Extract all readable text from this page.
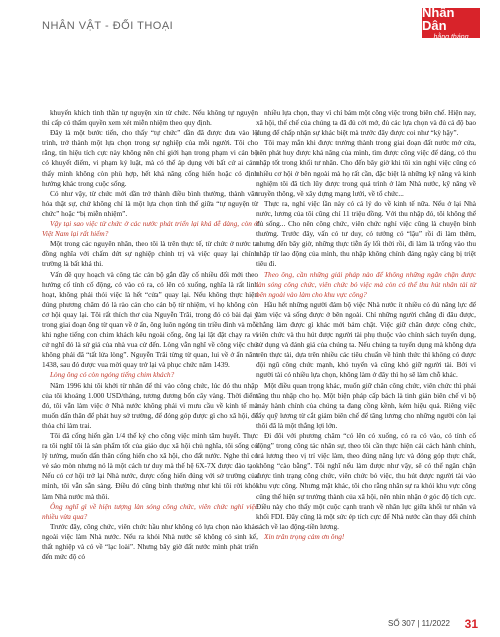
NHÂN VẬT - ĐỐI THOẠI
Nhân Dân
hằng tháng

khuyến khích tinh thần tự nguyện xin từ chức. Nếu không tự nguyện thì cấp có thẩm quyền xem xét miễn nhiệm theo quy định.

Đây là một bước tiến, cho thấy “tự chức” dần đã được đưa vào lộ trình, trở thành một lựa chọn trong sự nghiệp của mỗi người. Tôi cho rằng, tín hiệu tích cực này không nên chỉ giới hạn trong phạm vi cán bộ có khuyết điểm, vi phạm kỷ luật, mà có thể áp dụng với bất cứ ai cảm thấy mình không còn phù hợp, hết khả năng cống hiến hoặc có định hướng khác trong cuộc sống.

Có như vậy, từ chức mới dần trở thành điều bình thường, thành văn hóa thật sự, chứ không chỉ là một lựa chọn tình thế giữa “tự nguyện từ chức” hoặc “bị miễn nhiệm”.

Vậy tại sao việc từ chức ở các nước phát triển lại khá dễ dàng, còn ở Việt Nam lại rất hiếm?

Một trong các nguyên nhân, theo tôi là trên thực tế, từ chức ở nước ta đồng nghĩa với chấm dứt sự nghiệp chính trị và việc quay lại chính trường là bất khả thi.

Vấn đề quy hoạch và công tác cán bộ gắn đầy cố nhiều đối mới theo hướng cố tính cố động, có vào có ra, có lên có xuống, nghĩa là rất linh hoạt, không phải thói việc là hết “cửa” quay lại. Nếu không thực hiện đúng phương châm đó là rào cản cho cán bộ từ nhiệm, vì họ không còn cơ hội quay lại. Tôi rất thích thơ của Nguyễn Trãi, trong đó có bài đại ý trong giai đoạn ông từ quan về ở ẩn, ông luôn ngóng tin triều đình và mỗi khi nghe tiếng con chim khách kêu ngoài cổng, ông lại lật đật chạy ra vì cứ nghĩ đó là sứ giả của nhà vua cử đến. Lòng vẫn nghĩ về công việc chứ không phải đã “tất lửa lòng”. Nguyễn Trãi từng từ quan, lui về ở ẩn năm 1438, sau đó được vua mời quay trở lại và phục chức năm 1439.

Lòng ông có còn ngóng tiếng chim khách?

Năm 1996 khi tôi khởi từ nhân để thì vào công chức, lúc đó thu nhập của tôi khoảng 1.000 USD/tháng, tương đương bốn cây vàng. Thời điểm đó, tôi vẫn làm việc ở Nhà nước không phải vì mưu cầu về kinh tế mà muốn dấn thân để phát huy sở trường, để đóng góp được gì cho xã hội, để thỏa chí làm trai.

Tôi đã cống hiến gần 1/4 thế kỷ cho công việc mình tâm huyết. Thực ra tôi nghĩ tôi là sản phẩm tốt của giáo dục xã hội chủ nghĩa, tôi sống có lý tưởng, muốn dấn thân cống hiến cho xã hội, cho đất nước. Nghe thì có vẻ sáo mòn nhưng nó là một cách tư duy mà thế hệ 6X-7X được đào tạo. Nếu có cơ hội trở lại Nhà nước, được cống hiến đúng với sở trường của mình, tôi vẫn sẵn sàng. Điều đó cũng bình thường như khi tôi rời khỏi làm Nhà nước mà thôi.

Ông nghĩ gì về hiện tượng làn sóng công chức, viên chức nghỉ việc nhiều vừa qua?

Trước đây, công chức, viên chức hầu như không có lựa chọn nào khác ngoài việc làm Nhà nước. Nếu ra khỏi Nhà nước sẽ không có sinh kế, thất nghiệp và có về “lạc loài”. Nhưng bây giờ đất nước mình phát triển đến mức độ có

nhiều lựa chọn, thay vì chỉ bám một công việc trong biên chế. Hiện nay, xã hội, thế chế của chúng ta đã đủ cởi mở, đủ các lựa chọn và đủ cả độ bao dung để chấp nhận sự khác biệt mà trước đây được coi như “kỳ hậy”.

Tôi may mắn khi được trưởng thành trong giai đoạn đất nước mở cửa, nên phát huy được khả năng của mình, tìm được công việc để dáng, có thu nhập tốt trong khối tư nhân. Cho đến bây giờ khi tôi xin nghỉ việc cũng có nhiều cơ hội ở bên ngoài mà họ rất cần, đặc biệt là những kỹ năng và kinh nghiệm tôi đã tích lũy được trong quá trình ở làm Nhà nước, kỹ năng về truyền thông, về xây dựng mạng lưới, về tổ chức...

Thực ra, nghỉ việc lần này có cả lý do về kinh tế nữa. Nếu ở lại Nhà nước, lương của tôi cũng chỉ 11 triệu đồng. Với thu nhập đó, tôi không thể đủ sống... Cho nên công chức, viên chức nghỉ việc cũng là chuyện bình thường. Trước đây, vấn có tư duy, có tưởng có “lậu” rồi đi làm thêm, nhưng đến bây giờ, những thực tiễn ấy lối thời rồi, đi làm là trống vào thu nhập từ lao động của mình, thu nhập không chính đáng ngày càng bị triệt tiêu đi.

Theo ông, cần những giải pháp nào để không những ngăn chặn được làn sóng công chức, viên chức bỏ việc mà còn có thể thu hút nhân tài từ bên ngoài vào làm cho khu vực công?

Hầu hết những người đảm bộ việc Nhà nước ít nhiều có đủ năng lực để làm việc và sống được ở bên ngoài. Chỉ những người chẳng đi đâu được, chẳng làm được gì khác mới bám chặt. Việc giữ chân được công chức, viên chức và thu hút được người tài phụ thuộc vào chính sách tuyển dụng, sử dụng và đánh giá của chúng ta. Nếu chúng ta tuyển dụng mà không dựa trên thực tài, dựa trên nhiều các tiêu chuẩn về hình thức thì không có được đội ngũ công chức mạnh, khó tuyển và cũng khó giữ người tài. Bởi vì người tài có nhiều lựa chọn, không làm ở đây thì họ sẽ làm chỗ khác.

Một điều quan trọng khác, muốn giữ chân công chức, viên chức thì phải tăng thu nhập cho họ. Một biện pháp cấp bách là tinh giản biên chế vì bộ máy hành chính của chúng ta đang cồng kềnh, kém hiệu quả. Riêng việc lấy quỹ lương từ cắt giảm biên chế để tăng lương cho những người còn lại thôi đã là một thắng lợi lớn.

Đi đôi với phương châm “có lên có xuống, có ra có vào, có tính cố động” trong công tác nhân sự, theo tôi cần thực hiện cải cách hành chính, trả lương theo vị trí việc làm, theo đúng năng lực và đóng góp thực chất, không “cào bằng”. Tôi nghĩ nếu làm được như vậy, sẽ có thể ngăn chặn được tình trạng công chức, viên chức bỏ việc, thu hút được người tài vào khu vực công. Nhưng mặt khác, tôi cho rằng nhân sự ra khỏi khu vực công cũng thể hiện sự trưởng thành của xã hội, nên nhìn nhận ở góc độ tích cực. Điều này cho thấy một cuộc cạnh tranh về nhân lực giữa khối tư nhân và khối FDI. Đây cũng là một sức ép tích cực để Nhà nước cần thay đổi chính sách về lao động-tiền lương.

Xin trân trọng cảm ơn ông!

SỐ 307 | 11/2022 31
